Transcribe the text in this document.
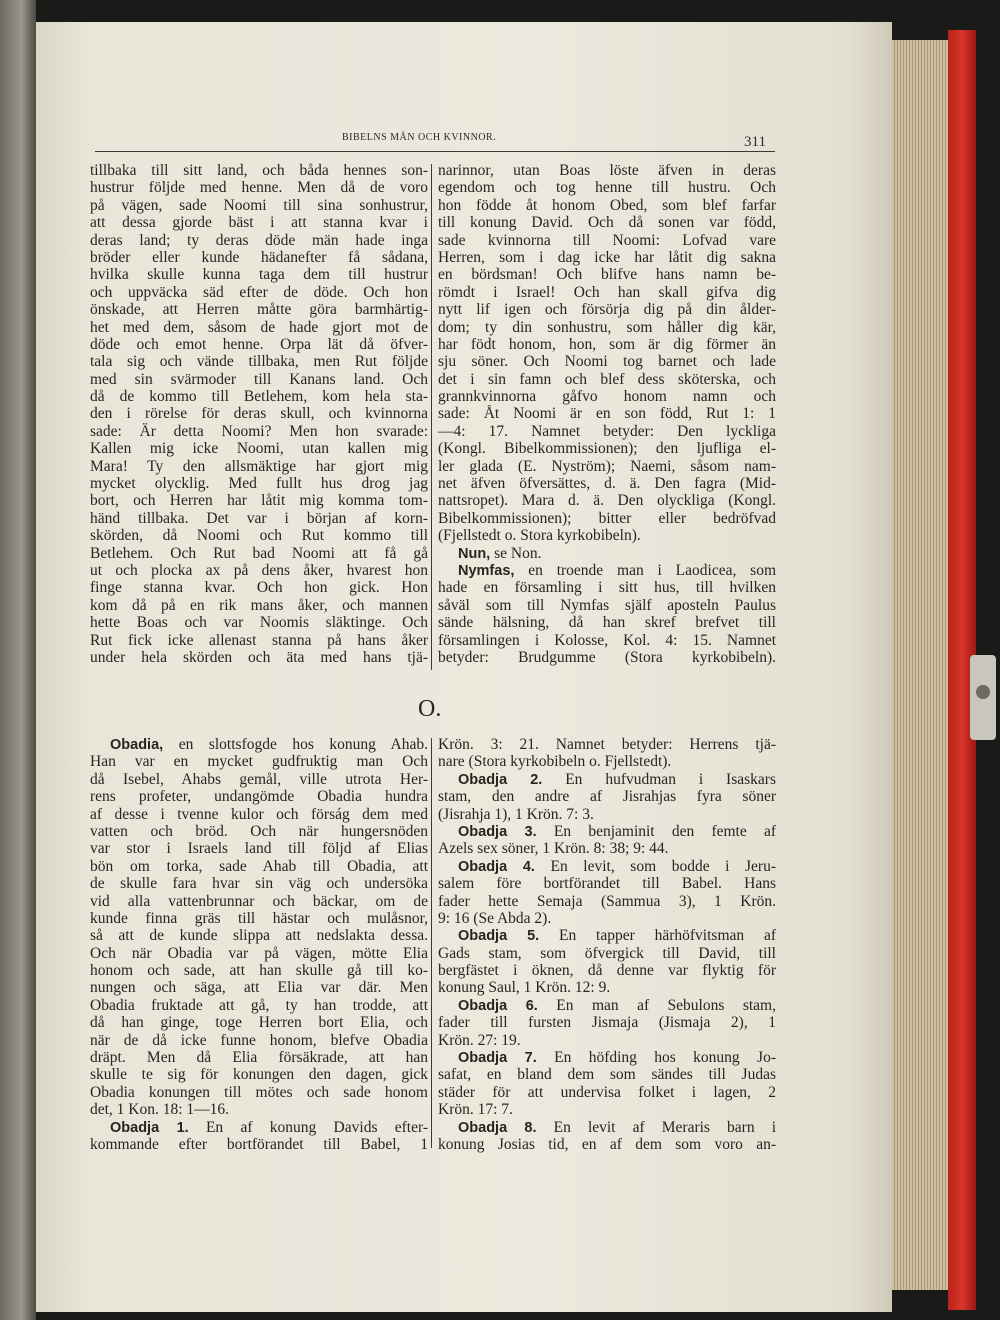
BIBELNS MÄN OCH KVINNOR.	311
tillbaka till sitt land, och båda hennes son-
hustrur följde med henne. Men då de voro
på vägen, sade Noomi till sina sonhustrur,
att dessa gjorde bäst i att stanna kvar i
deras land; ty deras döde män hade inga
bröder eller kunde hädanefter få sådana,
hvilka skulle kunna taga dem till hustrur
och uppväcka säd efter de döde. Och hon
önskade, att Herren måtte göra barmhärtig-
het med dem, såsom de hade gjort mot de
döde och emot henne. Orpa lät då öfver-
tala sig och vände tillbaka, men Rut följde
med sin svärmoder till Kanans land. Och
då de kommo till Betlehem, kom hela sta-
den i rörelse för deras skull, och kvinnorna
sade: Är detta Noomi? Men hon svarade:
Kallen mig icke Noomi, utan kallen mig
Mara! Ty den allsmäktige har gjort mig
mycket olycklig. Med fullt hus drog jag
bort, och Herren har låtit mig komma tom-
händ tillbaka. Det var i början af korn-
skörden, då Noomi och Rut kommo till
Betlehem. Och Rut bad Noomi att få gå
ut och plocka ax på dens åker, hvarest hon
finge stanna kvar. Och hon gick. Hon
kom då på en rik mans åker, och mannen
hette Boas och var Noomis släktinge. Och
Rut fick icke allenast stanna på hans åker
under hela skörden och äta med hans tjä-
narinnor, utan Boas löste äfven in deras
egendom och tog henne till hustru. Och
hon födde åt honom Obed, som blef farfar
till konung David. Och då sonen var född,
sade kvinnorna till Noomi: Lofvad vare
Herren, som i dag icke har låtit dig sakna
en bördsman! Och blifve hans namn be-
römdt i Israel! Och han skall gifva dig
nytt lif igen och försörja dig på din ålder-
dom; ty din sonhustru, som håller dig kär,
har födt honom, hon, som är dig förmer än
sju söner. Och Noomi tog barnet och lade
det i sin famn och blef dess sköterska, och
grannkvinnorna gåfvo honom namn och
sade: Åt Noomi är en son född, Rut 1: 1
—4: 17. Namnet betyder: Den lyckliga
(Kongl. Bibelkommissionen); den ljufliga el-
ler glada (E. Nyström); Naemi, såsom nam-
net äfven öfversättes, d. ä. Den fagra (Mid-
nattsropet). Mara d. ä. Den olyckliga (Kongl.
Bibelkommissionen); bitter eller bedröfvad
(Fjellstedt o. Stora kyrkobibeln).
Nun, se Non.
Nymfas, en troende man i Laodicea, som
hade en församling i sitt hus, till hvilken
såväl som till Nymfas själf aposteln Paulus
sände hälsning, då han skref brefvet till
församlingen i Kolosse, Kol. 4: 15. Namnet
betyder: Brudgumme (Stora kyrkobibeln).
O.
Obadia, en slottsfogde hos konung Ahab.
Han var en mycket gudfruktig man Och
då Isebel, Ahabs gemål, ville utrota Her-
rens profeter, undangömde Obadia hundra
af desse i tvenne kulor och förság dem med
vatten och bröd. Och när hungersnöden
var stor i Israels land till följd af Elias
bön om torka, sade Ahab till Obadia, att
de skulle fara hvar sin väg och undersöka
vid alla vattenbrunnar och bäckar, om de
kunde finna gräs till hästar och mulåsnor,
så att de kunde slippa att nedslakta dessa.
Och när Obadia var på vägen, mötte Elia
honom och sade, att han skulle gå till ko-
nungen och säga, att Elia var där. Men
Obadia fruktade att gå, ty han trodde, att
då han ginge, toge Herren bort Elia, och
när de då icke funne honom, blefve Obadia
dräpt. Men då Elia försäkrade, att han
skulle te sig för konungen den dagen, gick
Obadia konungen till mötes och sade honom
det, 1 Kon. 18: 1—16.
Obadja 1. En af konung Davids efter-
kommande efter bortförandet till Babel, 1
Krön. 3: 21. Namnet betyder: Herrens tjä-
nare (Stora kyrkobibeln o. Fjellstedt).
Obadja 2. En hufvudman i Isaskars
stam, den andre af Jisrahjas fyra söner
(Jisrahja 1), 1 Krön. 7: 3.
Obadja 3. En benjaminit den femte af
Azels sex söner, 1 Krön. 8: 38; 9: 44.
Obadja 4. En levit, som bodde i Jeru-
salem före bortförandet till Babel. Hans
fader hette Semaja (Sammua 3), 1 Krön.
9: 16 (Se Abda 2).
Obadja 5. En tapper härhöfvitsman af
Gads stam, som öfvergick till David, till
bergfästet i öknen, då denne var flyktig för
konung Saul, 1 Krön. 12: 9.
Obadja 6. En man af Sebulons stam,
fader till fursten Jismaja (Jismaja 2), 1
Krön. 27: 19.
Obadja 7. En höfding hos konung Jo-
safat, en bland dem som sändes till Judas
städer för att undervisa folket i lagen, 2
Krön. 17: 7.
Obadja 8. En levit af Meraris barn i
konung Josias tid, en af dem som voro an-
